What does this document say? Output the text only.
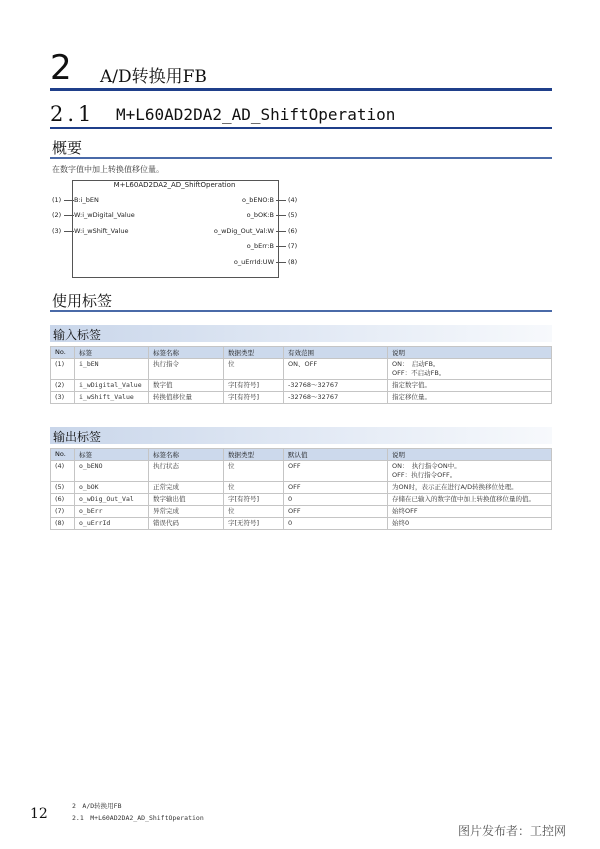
2 A/D转换用FB
2.1 M+L60AD2DA2_AD_ShiftOperation
概要
在数字值中加上转换值移位量。
M+L60AD2DA2_AD_ShiftOperation
(1) B:i_bEN
(2) W:i_wDigital_Value
(3) W:i_wShift_Value
o_bENO:B (4)
o_bOK:B (5)
o_wDig_Out_Val:W (6)
o_bErr:B (7)
o_uErrId:UW (8)
使用标签
输入标签
No.	标签	标签名称	数据类型	有效范围	说明
(1)	i_bEN	执行指令	位	ON、OFF	ON：　启动FB。
OFF：不启动FB。

(2)	i_wDigital_Value	数字值	字[有符号]	-32768～32767	指定数字值。
(3)	i_wShift_Value	转换值移位量	字[有符号]	-32768～32767	指定移位量。
输出标签
No.	标签	标签名称	数据类型	默认值	说明
(4)	o_bENO	执行状态	位	OFF	ON：　执行指令ON中。
OFF：执行指令OFF。

(5)	o_bOK	正常完成	位	OFF	为ON时，表示正在进行A/D转换移位处理。
(6)	o_wDig_Out_Val	数字输出值	字[有符号]	0	存储在已输入的数字值中加上转换值移位量的值。
(7)	o_bErr	异常完成	位	OFF	始终OFF
(8)	o_uErrId	错误代码	字[无符号]	0	始终0
12	2　A/D转换用FB
2.1　M+L60AD2DA2_AD_ShiftOperation
图片发布者：工控网
